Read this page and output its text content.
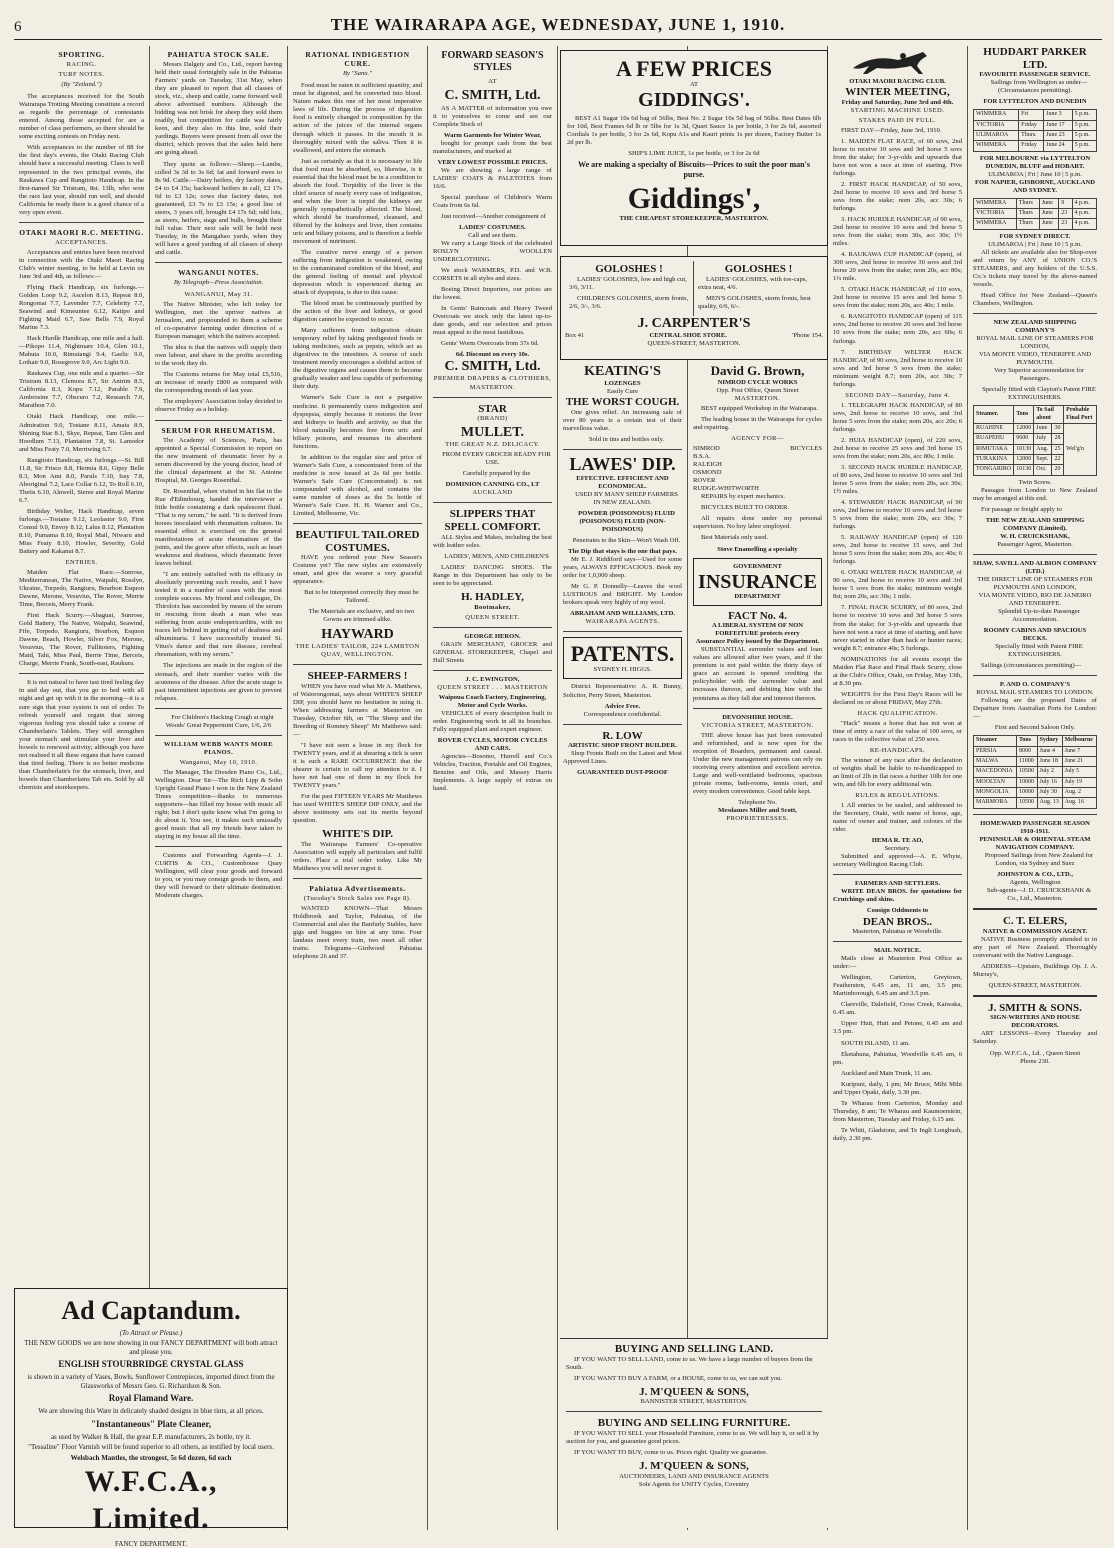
6	THE WAIRARAPA AGE, WEDNESDAY, JUNE 1, 1910.
SPORTING.
RACING.
TURF NOTES.
(By "Zetland.")

The acceptances received for the South Wairarapa Trotting Meeting constitute a record as regards the percentage of contestants entered. Among those accepted for are a number of class performers, so there should be some exciting contests on Friday next.

With acceptances to the number of 88 for the first day's events, the Otaki Racing Club should have a successful meeting. Class is well represented in the two principal events, the Raukawa Cup and Rangitoto Handicap. In the first-named Sir Tristram, 8st. 13lb, who won the race last year, should run well, and should California be ready there is a good chance of a very open event.

OTAKI MAORI R.C. MEETING.
ACCEPTANCES.

Acceptances and entries have been received in connection with the Otaki Maori Racing Club's winter meeting, to be held at Levin on June 3rd and 4th, as follows:—

Flying Hack Handicap, six furlongs.—Golden Loop 9.2, Ascelon 8.13, Repeat 8.0, Rongomai 7.7, Lavender 7.7, Celebrity 7.7, Seawind and Kimeuntee 6.12, Katipo and Fighting Maid 6.7, Saw Bells 7.9, Royal Marine 7.3.

Hack Hurdle Handicap, one mile and a half.—Pikopo 11.4, Nightmare 10.4, Glen 10.1, Mahuta 10.0, Rimutangi 9.4, Gaelic 9.0, Lothair 9.0, Rosegrove 9.0, Arc Light 9.0.

Raukawa Cup, one mile and a quarter.—Sir Tristram 8.13, Clemora 8.7, Sir Antrim 8.5, California 8.3, Kopu 7.12, Parable 7.9, Ambrosine 7.7, Obscuro 7.2, Research 7.0, Marathon 7.0.

Otaki Hack Handicap, one mile.—Admiration 9.0, Tostane 8.11, Amata 8.9, Shining Star 8.1, Skye, Repeat, Tam Glen and Hoodlum 7.13, Plantation 7.8, St. Lamodor and Miss Featy 7.0, Merriwing 6.7.

Rangitoto Handicap, six furlongs.—St. Bill 11.8, Sir Frisco 8.8, Hermia 8.6, Gipsy Belle 8.3, Mon Ami 8.0, Paruls 7.10, Issy 7.8, Aboriginal 7.2, Lace Collar 6.12, To Roll 6.10, Thetis 6.10, Alnwell, Steree and Royal Marine 6.7.

Birthday Welter, Hack Handicap, seven furlongs.—Tostane 9.12, Leolastor 9.0, First Consul 9.0, Envoy 8.12, Lalus 8.12, Plantation 8.10, Pumama 8.10, Royal Mail, Niwaru and Miss Featy 8.10, Howler, Severity, Gold Battery and Kakanui 8.7.

ENTRIES.

Maiden Flat Race.—Sunrose, Mediterranean, The Native, Waipahi, Rosslyn, Ukraine, Torpedo, Rangiuru, Bourbon Esquon Dawne, Merone, Vesuvius, The Rover, Merrie Time, Berceis, Merry Frank.

First Hack Scurry.—Abaguai, Sunrose, Gold Battery, The Native, Waipahi, Seawind, Fife, Torpedo, Rangiuru, Bourbon, Esquon Dawne, Beach, Howler, Silver Fox, Merone, Vesuvius, The Rover, Fullitoters, Fighting Maid, Tahi, Miss Paul, Berrie Time, Berceis, Charge, Merrie Frank, South-east, Raukura.

It is not natural to have tast tired feeling day in and day out, that you go to bed with all night and get up with it in the morning—it is a sure sign that your system is out of order. To refresh yourself and regain that strong vigorous feeling you should take a course of Chamberlain's Tablets. They will strengthen your stomach and stimulate your liver and bowels to renewed activity; although you have not realised it all these organs that have caused that tired feeling. There is no better medicine than Chamberlain's for the stomach, liver, and bowels than Chamberlains Tab ets. Sold by all chemists and storekeepers.

PAHIATUA STOCK SALE.

Messrs Dalgety and Co., Ltd., report having held their usual fortnightly sale in the Pahiatua Farmers' yards on Tuesday, 31st May, when they are pleased to report that all classes of stock, viz., sheep and cattle, came forward well above advertised numbers. Although the bidding was not brisk for sheep they sold them readily, but competition for cattle was fairly keen, and they also in this line, sold their yardings. Buyers were present from all over the district, which proves that the sales held here are going ahead.

They quote as follows:—Sheep.—Lambs, culled 3s 3d to 3s 6d; fat and forward ewes to 8s 9d. Cattle.—Dairy heifers, dry factory dates, £4 to £4 15s; backward heifers in calf, £2 17s 6d to £3 12s; cows due factory dates, not guaranteed, £3 7s to £3 15s; a good line of steers, 3 years off, brought £4 17s 6d; odd lots, as steers, heifers, stags and bulls, brought their full value. Their next sale will be held next Tuesday, in the Mangahao yards, when they will have a good yarding of all classes of sheep and cattle.

WANGANUI NOTES.
By Telegraph—Press Association.
WANGANUI, May 31.

The Native Minister, who left today for Wellington, met the upriver natives at Jerusalem, and propounded to them a scheme of co-operative farming under direction of a European manager, which the natives accepted.

The idea is that the natives will supply their own labour, and share in the profits according to the work they do.

The Customs returns for May total £5,516, an increase of nearly £800 as compared with the corresponding month of last year.

The employers' Association today decided to observe Friday as a holiday.

SERUM FOR RHEUMATISM.

The Academy of Sciences, Paris, has appointed a Special Commission to report on the new treatment of rheumatic fever by a serum discovered by the young doctor, head of the clinical department at the St. Antoine Hospital, M. Georges Rosenthal.

Dr. Rosenthal, when visited in his flat in the Rue d'Edimbourg, handed the interviewer a little bottle containing a dark opalescent fluid. "That is my serum," he said. "It is derived from horses inoculated with rheumatism cultures. Its essential effect is exercised on the general manifestations of acute rheumatism of the joints, and the grave after effects, such as heart weakness and deafness, which rheumatic fever leaves behind.

"I am entirely satisfied with its efficacy in absolutely preventing such results, and I have tested it in a number of cases with the most complete success. My friend and colleague, Dr. Thiroloix has succeeded by means of the serum in rescuing from death a man who was suffering from acute endopericarditis, with no traces left behind in getting rid of deafness and albuminuria. I have successfully treated St. Vitus's dance and that rare disease, cerebral rheumatism, with my serum."

The injections are made in the region of the stomach, and their number varies with the acuteness of the disease. After the acute stage is past intermittent injections are given to prevent relapses.

For Children's Hacking Cough at night Woods' Great Peppermint Cure, 1/6, 2/6

WILLIAM WEBB WANTS MORE PIANOS.
Wanganui, May 10, 1910.

The Manager, The Dresden Piano Co., Ltd., Wellington. Dear Sir—The Rich Lipp & Sohn Upright Grand Piano I won in the New Zealand Times competition—thanks to numerous supporters—has filled my house with music all right; but I don't quite know what I'm going to do about it. You see, it makes such unusually good music that all my friends have taken to staying in my house all the time.

Customs and Forwarding Agents—J. J. CURTIS & CO., Customhouse Quay Wellington, will clear your goods and forward to you, or you may consign goods to them, and they will forward to their ultimate destination. Moderate charges.

RATIONAL INDIGESTION CURE.
By "Sano."

Food must be eaten in sufficient quantity, and must be digested, and be converted into blood. Nature makes this one of her most imperative laws of life. During the process of digestion food is entirely changed in composition by the action of the juices of the internal organs through which it passes. In the mouth it is thoroughly mixed with the saliva. Then it is swallowed, and enters the stomach.

Just as certainly as that it is necessary to life that food must be absorbed, so, likewise, is it essential that the blood must be in a condition to absorb the food. Torpidity of the liver is the chief source of nearly every case of indigestion, and when the liver is torpid the kidneys are generally sympathetically affected. The blood, which should be transformed, cleansed, and filtered by the kidneys and liver, then contains uric and biliary poisons, and is therefore a feeble movement of nutriment.

The curative nerve energy of a person suffering from indigestion is weakened, owing to the contaminated condition of the blood, and the general feeling of mental and physical depression which is experienced during an attack of dyspepsia, is due to this cause.

The blood must be continuously purified by the action of the liver and kidneys, or good digestion cannot be expected to occur.

Many sufferers from indigestion obtain temporary relief by taking predigested foods or taking medicines, such as pepsin, which act as digestives in the intestines. A course of such treatment merely encourages a slothful action of the digestive organs and causes them to become gradually weaker and less capable of performing their duty.

Warner's Safe Cure is not a purgative medicine. It permanently cures indigestion and dyspepsia, simply because it restores the liver and kidneys to health and activity, so that the blood naturally becomes free from uric and biliary poisons, and resumes its absorbent functions.

In addition to the regular size and price of Warner's Safe Cure, a concentrated form of the medicine is now issued at 2s 6d per bottle. Warner's Safe Cure (Concentrated) is not compounded with alcohol, and contains the same number of doses as the 5s bottle of Warner's Safe Cure. H. H. Warner and Co., Limited, Melbourne, Vic.

BEAUTIFUL TAILORED COSTUMES.

HAVE you ordered your New Season's Costume yet? The new styles are extensively smart, and give the wearer a very graceful appearance.

But to be interpreted correctly they must be Tailored.

The Materials are exclusive, and no two Gowns are trimmed alike.

HAYWARD
THE LADIES' TAILOR, 224 LAMBTON QUAY, WELLINGTON.
SHEEP-FARMERS !

WHEN you have read what Mr A. Matthews, of Waiorongomai, says about WHITE'S SHEEP DIP, you should have no hesitation in using it. When addressing farmers at Masterton on Tuesday, October 6th, on "The Sheep and the Breeding of Romney Sheep" Mr Matthews said:—

"I have not seen a louse in my flock for TWENTY years, and if at shearing a tick is seen it is such a RARE OCCURRENCE that the shearer is certain to call my attention to it. I have not had one of them in my flock for TWENTY years."

For the past FIFTEEN YEARS Mr Matthews has used WHITE'S SHEEP DIP ONLY, and the above testimony sets out its merits beyond question.

WHITE'S DIP.

The Wairarapa Farmers' Co-operative Association will supply all particulars and fulfil orders. Place a trial order today. Like Mr Matthews you will never regret it.

Pahiatua Advertisements.
(Tuesday's Stock Sales see Page 8).

WANTED KNOWN—That Messrs Holdbrook and Taylor, Pahiatua, of the Commercial and also the Banfurly Stables, have gigs and buggies on hire at any time. Four landaus meet every train, two meet all other trains. Telegrams—Girdwood Pahiatua telephone 26 and 37.

FORWARD SEASON'S STYLES
AT
C. SMITH, Ltd.

AS A MATTER of information you owe it to yourselves to come and see our Complete Stock of

Warm Garments for Winter Wear,

bought for prompt cash from the best manufacturers, and marked at

VERY LOWEST POSSIBLE PRICES.

We are showing a large range of LADIES' COATS & PALETOTES from 16/6.

Special purchase of Children's Warm Coats from 6s 6d.

Just received—Another consignment of

LADIES' COSTUMES.
Call and see them.

We carry a Large Stock of the celebrated ROSLYN WOOLLEN UNDERCLOTHING.

We stock WARMERS, P.D. and W.B. CORSETS in all styles and sizes.

Boeing Direct Importers, our prices are the lowest.

In Gents' Raincoats and Heavy Tweed Overcoats we stock only the latest up-to-date goods, and our selection and prices must appeal to the most fastidious.

Gents' Worm Overcoats from 37s 6d.

6d. Discount on every 10s.
C. SMITH, Ltd.
PREMIER DRAPERS & CLOTHIERS, MASTERTON.
STAR
(BRAND)
MULLET.
THE GREAT N.Z. DELICACY.

FROM EVERY GROCER READY FOR USE.

Carefully prepared by the

DOMINION CANNING CO., LT
AUCKLAND
SLIPPERS THAT SPELL COMFORT.

ALL Styles and Makes, including the best with leather soles.

LADIES', MEN'S, AND CHILDREN'S

LADIES' DANCING SHOES. The Range in this Department has only to be seen to be appreciated.

H. HADLEY,
Bootmaker,
QUEEN STREET.
GEORGE HERON.

GRAIN MERCHANT, GROCER and GENERAL STOREKEEPER, Chapel and Hall Streets

J. C. EWINGTON,
QUEEN STREET . . . MASTERTON
Waipoua Coach Factory, Engineering, Motor and Cycle Works.

VEHICLES of every description built to order. Engineering work in all its branches. Fully equipped plant and expert engineer.

ROVER CYCLES, MOTOR CYCLES AND CARS.

Agencies—Bosomo, Hurrell and Co.'s Vehicles, Traction, Portable and Oil Engines, Benzine and Oils, and Massey Harris Implements. A large supply of extras on hand.

KEATING'S
LOZENGES
Easily Cure
THE WORST COUGH.

One gives relief. An increasing sale of over 80 years is a certain test of their marvellous value.

Sold in tins and bottles only.

LAWES' DIP.
EFFECTIVE. EFFICIENT AND ECONOMICAL.

USED BY MANY SHEEP FARMERS IN NEW ZEALAND.

POWDER (POISONOUS) FLUID (POISONOUS) FLUID (NON-POISONOUS)

Penetrates to the Skin—Won't Wash Off.

The Dip that stays is the one that pays.

Mr E. J. Riddiford says—Used for some years, ALWAYS EFFICACIOUS. Book my order for 1,0,000 sheep.

Mr G. P. Donnelly—Leaves the wool LUSTROUS and BRIGHT. My London brokers speak very highly of my wool.

ABRAHAM AND WILLIAMS, LTD.
WAIRARAPA AGENTS.
PATENTS.
SYDNEY H. HIGGS.

District Representative: A. R. Bunny, Solicitor, Perry Street, Masterton.

Advice Free.
Correspondence confidential.
R. LOW
ARTISTIC SHOP FRONT BUILDER.

Shop Fronts Built on the Latest and Most Approved Lines.

GUARANTEED DUST-PROOF
David G. Brown,
NIMROD CYCLE WORKS
Opp. Post Office, Queen Street
MASTERTON.

BEST equipped Workshop in the Wairarapa.

The leading house in the Wairarapa for cycles and repairing.

AGENCY FOR—
NIMROD
B.S.A.
RALEIGH
OSMOND
ROVER
RUDGE-WHITWORTH
BICYCLES

REPAIRS by expert mechanics.

BICYCLES BUILT TO ORDER.

All repairs done under my personal supervision. No boy labor employed.

Best Materials only used.

Stove Enamelling a specialty
GOVERNMENT
INSURANCE
DEPARTMENT
FACT No. 4.
A LIBERAL SYSTEM OF NON
FORFEITURE protects every
Assurance Policy issued by the Department.

SUBSTANTIAL surrender values and loan values are allowed after two years, and if the premium is not paid within the thirty days of grace an account is opened crediting the policyholder with the surrender value and increases thereon, and debiting him with the premiums as they fall due and interest thereon.

DEVONSHIRE HOUSE.
VICTORIA STREET, MASTERTON.

THE above house has just been renovated and refurnished, and is now open for the reception of Boarders, permanent and casual. Under the new management patrons can rely on receiving every attention and excellent service. Large and well-ventilated bedrooms, spacious private rooms, bath-rooms, tennis court, and every modern convenience. Good table kept.

Telephone No.
Mesdames Miller and Scott,
PROPRIETRESSES.
OTAKI MAORI RACING CLUB.
WINTER MEETING,
Friday and Saturday, June 3rd and 4th.
STARTING MACHINE USED.
STAKES PAID IN FULL.

FIRST DAY—Friday, June 3rd, 1910.

1. MAIDEN FLAT RACE, of 60 sovs, 2nd horse to receive 10 sovs and 3rd horse 5 sovs from the stake; for 3-yr-olds and upwards that have not won a race at time of starting. Five furlongs.

2. FIRST HACK HANDICAP, of 50 sovs, 2nd horse to receive 10 sovs and 3rd horse 5 sovs from the stake; nom 20s, acc 30s; 6 furlongs.

3. HACK HURDLE HANDICAP, of 90 sovs, 2nd horse to receive 10 sovs and 3rd horse 5 sovs from the stake; nom 30s, acc 30s; 1½ miles.

4. RAUKAWA CUP HANDICAP (open), of 300 sovs, 2nd horse to receive 30 sovs and 3rd horse 20 sovs from the stake; nom 20s, acc 80s; 1¼ mile.

5. OTAKI HACK HANDICAP, of 110 sovs, 2nd horse to receive 15 sovs and 3rd horse 5 sovs from the stake; nom 20s, acc 40s; 1 mile.

6. RANGITOTO HANDICAP (open) of 115 sovs, 2nd horse to receive 20 sovs and 3rd horse 10 sovs from the stake; nom 20s, acc 60s; 6 furlongs.

7. BIRTHDAY WELTER HACK HANDICAP, of 90 sovs, 2nd horse to receive 10 sovs and 3rd horse 5 sovs from the stake; minimum weight 8.7; nom 20s, acc 30s; 7 furlongs.

SECOND DAY—Saturday, June 4.

1. TELEGRAPH HACK HANDICAP, of 80 sovs, 2nd horse to receive 10 sovs, and 3rd horse 5 sovs from the stake; nom 20s, acc 20s; 6 furlongs.

2. HUIA HANDICAP (open), of 220 sovs, 2nd horse to receive 25 sovs and 3rd horse 15 sovs from the stake; nom 20s, acc 80s; 1 mile.

3. SECOND HACK HURDLE HANDICAP, of 80 sovs, 2nd horse to receive 10 sovs and 3rd horse 5 sovs from the stake; nom 20s, acc 30s; 1½ miles.

4. STEWARDS' HACK HANDICAP, of 90 sovs, 2nd horse to receive 10 sovs and 3rd horse 5 sovs from the stake; nom 20s, acc 30s; 7 furlongs.

5. RAILWAY HANDICAP (open) of 120 sovs, 2nd horse to receive 15 sovs, and 3rd horse 5 sovs from the stake; nom 20s, acc 40s; 6 furlongs.

6. OTAKI WELTER HACK HANDICAP, of 90 sovs, 2nd horse to receive 10 sovs and 3rd horse 5 sovs from the stake; minimum weight 8st; nom 20s, acc 30s; 1 mile.

7. FINAL HACK SCURRY, of 80 sovs, 2nd horse to receive 10 sovs and 3rd horse 5 sovs from the stake; for 3-yr-olds and upwards that have not won a race at time of starting, and have never started in other than hack or hunter races; weight 8.7; entrance 40s; 5 furlongs.

NOMINATIONS for all events except the Maiden Flat Race and Final Hack Scurry, close at the Club's Office, Otaki, on Friday, May 13th, at 8.30 pm.

WEIGHTS for the First Day's Races will be declared on or about FRIDAY, May 27th.

HACK QUALIFICATION.

"Hack" means a horse that has not won at time of entry a race of the value of 100 sovs, or races to the collective value of 250 sovs.

RE-HANDICAPS.

The winner of any race after the declaration of weights shall be liable to re-handicapped to an limit of 2lb in flat races a further 10lb for one win, and 6lb for every additional win.

RULES & REGULATIONS.

1 All entries to be sealed, and addressed to the Secretary, Otaki, with name of horse, age, name of owner and trainer, and colours of the rider.

HEMA R. TE AO,
Secretary.

Submitted and approved—A. E. Whyte, secretary Wellington Racing Club.

FARMERS AND SETTLERS.

WRITE DEAN BROS. for quotations for Crutchings and skins.

Consign Oddments to
DEAN BROS..
Masterton, Pahiatua or Woodville.
MAIL NOTICE.

Mails close at Masterton Post Office as under:—

Wellington, Carterton, Greytown, Featherston, 6.45 am, 11 am, 3.5 pm; Martinborough, 6.45 am and 3.5 pm.

Clareville, Dalefield, Cross Creek, Kaiwaka, 6.45 am.

Upper Hutt, Hutt and Petone, 6.45 am and 3.5 pm.

SOUTH ISLAND, 11 am.

Eketahuna, Pahiatua, Woodville 6.45 am, 6 pm.

Auckland and Main Trunk, 11 am.

Kuripuni, daily, 1 pm; Mr Bruce, Mihi Mihi and Upper Opaki, daily, 3.30 pm.

Te Wharau from Carterton, Monday and Thursday, 8 am; Te Wharau and Kaumoerstein, from Masterton, Tuesday and Friday, 6.15 am.

Te Whiti, Gladstone, and Te Ingli Longbush, daily, 2.30 pm.

HUDDART PARKER LTD.
FAVOURITE PASSENGER SERVICE.

Sailings from Wellington as under—(Circumstances permitting).

FOR LYTTELTON AND DUNEDIN
WIMMERA	Fri	June 3	5 p.m.
VICTORIA	Friday	June 17	5 p.m.
ULIMAROA	Thurs.	June 23	5 p.m.
WIMMERA	Friday	June 24	5 p.m.
FOR MELBOURNE via LYTTELTON DUNEDIN, BLUFF and HOBART.
ULIMAROA | Fri | June 10 | 5 p.m.
FOR NAPIER, GISBORNE, AUCKLAND AND SYDNEY.
WIMMERA	Thurs	June	9	4 p.m.
VICTORIA	Thurs	June	23	4 p.m.
WIMMERA	Thurs	June	23	4 p.m.
FOR SYDNEY DIRECT.
ULIMAROA | Fri | June 10 | 5 p.m.

All tickets are available also for Shop-over and return by ANY of UNION CO.'S STEAMERS, and any holders of the U.S.S. Co.'s tickets may travel by the above-named vessels.

Head Office for New Zealand—Queen's Chambers, Wellington.

NEW ZEALAND SHIPPING COMPANY'S
ROYAL MAIL LINE OF STEAMERS FOR LONDON,
VIA MONTE VIDEO, TENERIFFE AND PLYMOUTH.

Very Superior accommodation for Passengers.

Specially fitted with Clayton's Patent FIRE EXTINGUISHERS.

Steamer.	Tons	To Sail about		Probable Final Port
RUAHINE	12000	June	30	Wel'g'n
RUAPEHU	9600	July	28	
RIMUTAKA	10130	Aug.	25	
TURAKINA	12000	Sept.	22	
TONGARIRO	10130	Oct.	20	
Twin Screw.

Passages from London to New Zealand may be arranged at this end.

For passage or freight apply to

THE NEW ZEALAND SHIPPING COMPANY (Limited).
W. H. CRUICKSHANK,
Passenger Agent, Masterton.
SHAW, SAVILL AND ALBION COMPANY (LTD.)
THE DIRECT LINE OF STEAMERS FOR PLYMOUTH AND LONDON,
VIA MONTE VIDEO, RIO DE JANEIRO AND TENERIFFE.

Splendid Up-to-date Passenger Accommodation.

ROOMY CABINS AND SPACIOUS DECKS.

Specially fitted with Patent FIRE EXTINGUISHERS.

Sailings (circumstances permitting)—

P. AND O. COMPANY'S
ROYAL MAIL STEAMERS TO LONDON.

Following are the proposed Dates of Departure from Australian Ports for London:—

First and Second Saloon Only.
Steamer	Tons	Sydney	Melbourne
PERSIA	8000	June 4	June 7
MALWA	11000	June 18	June 21
MACEDONIA	10500	July 2	July 5
MOOLTAN	10000	July 16	July 19
MONGOLIA	10000	July 30	Aug. 2
MARMORA	10500	Aug. 13	Aug. 16
HOMEWARD PASSENGER SEASON 1910-1911.
PENINSULAR & ORIENTAL STEAM NAVIGATION COMPANY.

Proposed Sailings from New Zealand for London, via Sydney and Suez

JOHNSTON & CO., LTD.,
Agents, Wellington

Sub-agents—J. D. CRUICKSHANK & Co., Ltd., Masterton.

C. T. ELERS,
NATIVE & COMMISSION AGENT.

NATIVE Business promptly attended to in any part of New Zealand. Thoroughly conversant with the Native Language.

ADDRESS—Upstairs, Buildings Op. J. A. Murray's,

QUEEN-STREET, MASTERTON.
J. SMITH & SONS.
SIGN-WRITERS AND HOUSE DECORATORS.

ART LESSONS—Every Thursday and Saturday.

Opp. W.F.C.A., Ld. , Queen Street
Phone 230.
A FEW PRICES
AT
GIDDINGS'.

BEST A1 Sugar 10s 6d bag of 56lbs, Best No. 2 Sugar 10s 5d bag of 56lbs. Best Dates 6lb for 10d, Best Frames 6d lb or 5lbs for 1s 3d, Quart Sauce 1s per bottle, 3 for 2s 6d, assorted Cordials 1s per bottle, 3 for 2s 6d, Kopu A1s and Kauri prints 1s per dozen, Factory Butter 1s 2d per lb.

SHIP'S LIME JUICE, 1s per bottle, or 3 for 2s 6d
We are making a specialty of Biscuits—Prices to suit the poor man's purse.
Giddings',
THE CHEAPEST STOREKEEPER, MASTERTON.
GOLOSHES !

LADIES' GOLOSHES, low and high cut, 3/6, 3/11.

CHILDREN'S GOLOSHES, storm fronts, 2/6, 3/-, 3/6.

GOLOSHES !

LADIES' GOLOSHES, with toe-caps, extra neat, 4/6.

MEN'S GOLOSHES, storm fronts, best quality, 6/6, 6/-.

J. CARPENTER'S
Box 41	CENTRAL SHOE STORE.	'Phone 154.
QUEEN-STREET, MASTERTON.
BUYING AND SELLING LAND.

IF YOU WANT TO SELL LAND, come to us. We have a large number of buyers from the South.

IF YOU WANT TO BUY A FARM, or a HOUSE, come to us, we can suit you.

J. M'QUEEN & SONS,
BANNISTER STREET, MASTERTON.
BUYING AND SELLING FURNITURE.

IF YOU WANT TO SELL your Household Furniture, come to us. We will buy it, or sell it by auction for you, and guarantee good prices.

IF YOU WANT TO BUY, come to us. Prices right. Quality we guarantee.

J. M'QUEEN & SONS,
AUCTIONEERS, LAND AND INSURANCE AGENTS
Sole Agents for UNITY Cycles, Coventry
Ad Captandum.
(To Attract or Please.)
THE NEW GOODS we are now showing in our FANCY DEPARTMENT will both attract and please you.
ENGLISH STOURBRIDGE CRYSTAL GLASS
is shown in a variety of Vases, Bowls, Sunflower Centrepieces, imported direct from the Glassworks of Messrs Geo. G. Richardson & Son.
Royal Flamand Ware.
We are showing this Ware in delicately shaded designs in blue tints, at all prices.
"Instantaneous" Plate Cleaner,
as used by Walker & Hall, the great E.P. manufacturers, 2s bottle, try it.
"Tessaline" Floor Varnish will be found superior to all others, as testified by local users.
Welsbach Mantles, the strongest, 5s 6d dozen, 6d each
W.F.C.A., Limited.
FANCY DEPARTMENT.
